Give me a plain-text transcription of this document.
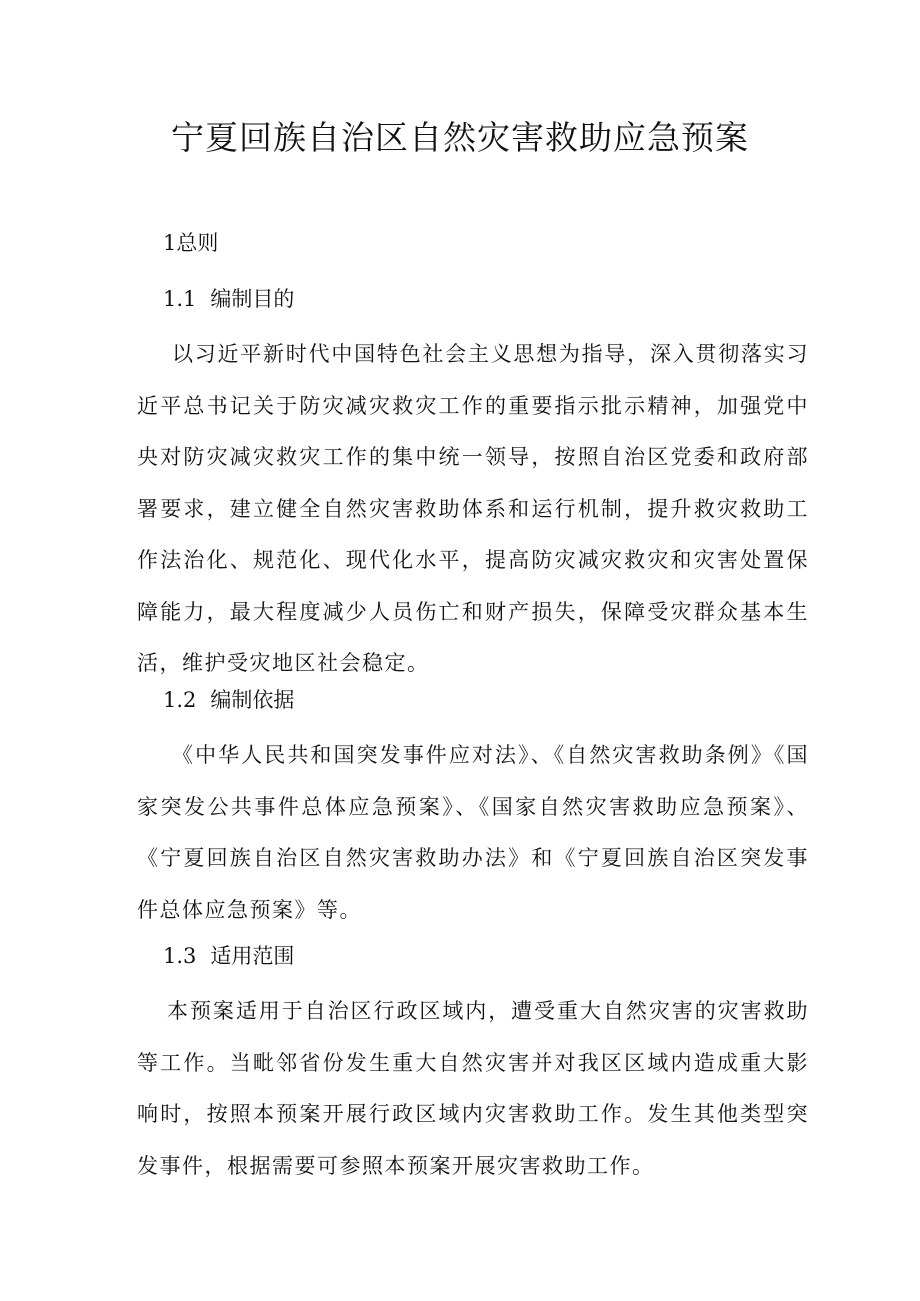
宁夏回族自治区自然灾害救助应急预案
1总则
1.1 编制目的

以习近平新时代中国特色社会主义思想为指导，深入贯彻落实习近平总书记关于防灾减灾救灾工作的重要指示批示精神，加强党中央对防灾减灾救灾工作的集中统一领导，按照自治区党委和政府部署要求，建立健全自然灾害救助体系和运行机制，提升救灾救助工作法治化、规范化、现代化水平，提高防灾减灾救灾和灾害处置保障能力，最大程度减少人员伤亡和财产损失，保障受灾群众基本生活，维护受灾地区社会稳定。

1.2 编制依据

《中华人民共和国突发事件应对法》、《自然灾害救助条例》《国家突发公共事件总体应急预案》、《国家自然灾害救助应急预案》、《宁夏回族自治区自然灾害救助办法》和《宁夏回族自治区突发事件总体应急预案》等。

1.3 适用范围

本预案适用于自治区行政区域内，遭受重大自然灾害的灾害救助等工作。当毗邻省份发生重大自然灾害并对我区区域内造成重大影响时，按照本预案开展行政区域内灾害救助工作。发生其他类型突发事件，根据需要可参照本预案开展灾害救助工作。
